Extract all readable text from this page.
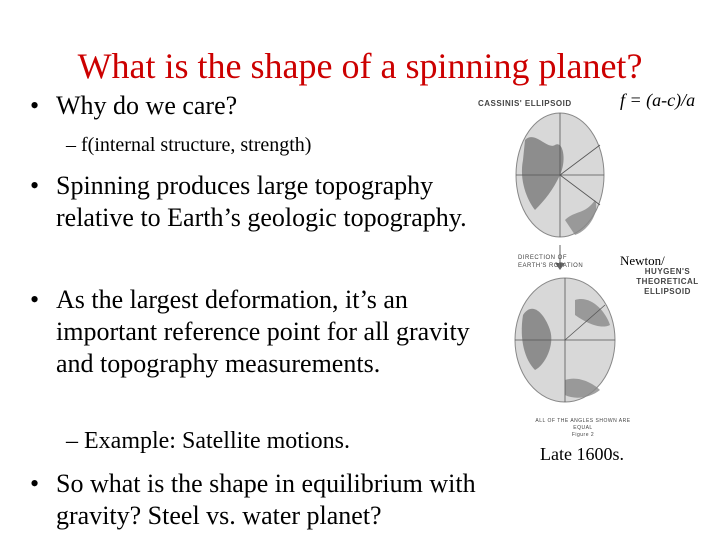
What is the shape of a spinning planet?
f = (a-c)/a
• Why do we care?
– f(internal structure, strength)
• Spinning produces large topography relative to Earth’s geologic topography.
• As the largest deformation, it’s an important reference point for all gravity and topography measurements.
– Example: Satellite motions.
• So what is the shape in equilibrium with gravity? Steel vs. water planet?
CASSINIS' ELLIPSOID
DIRECTION OF
EARTH'S ROTATION	Newton/
HUYGEN'S THEORETICAL
ELLIPSOID
ALL OF THE ANGLES SHOWN ARE EQUAL
Figure 2
Late 1600s.
